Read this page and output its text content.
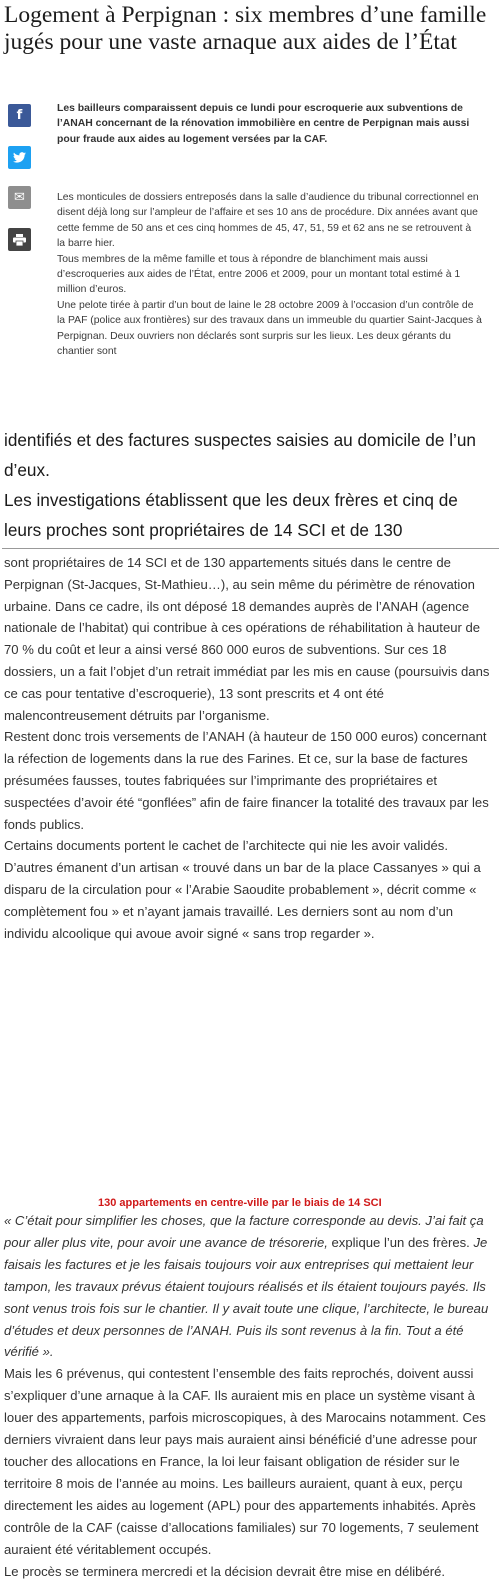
Logement à Perpignan : six membres d’une famille jugés pour une vaste arnaque aux aides de l’État
f
✉

Les bailleurs comparaissent depuis ce lundi pour escroquerie aux subventions de l’ANAH concernant de la rénovation immobilière en centre de Perpignan mais aussi pour fraude aux aides au logement versées par la CAF.

Les monticules de dossiers entreposés dans la salle d’audience du tribunal correctionnel en disent déjà long sur l’ampleur de l’affaire et ses 10 ans de procédure. Dix années avant que cette femme de 50 ans et ces cinq hommes de 45, 47, 51, 59 et 62 ans ne se retrouvent à la barre hier.

Tous membres de la même famille et tous à répondre de blanchiment mais aussi d’escroqueries aux aides de l’État, entre 2006 et 2009, pour un montant total estimé à 1 million d’euros.

Une pelote tirée à partir d’un bout de laine le 28 octobre 2009 à l’occasion d’un contrôle de la PAF (police aux frontières) sur des travaux dans un immeuble du quartier Saint-Jacques à Perpignan. Deux ouvriers non déclarés sont surpris sur les lieux. Les deux gérants du chantier sont

identifiés et des factures suspectes saisies au domicile de l’un d’eux.

Les investigations établissent que les deux frères et cinq de leurs proches sont propriétaires de 14 SCI et de 130

sont propriétaires de 14 SCI et de 130 appartements situés dans le centre de Perpignan (St-Jacques, St-Mathieu…), au sein même du périmètre de rénovation urbaine. Dans ce cadre, ils ont déposé 18 demandes auprès de l’ANAH (agence nationale de l’habitat) qui contribue à ces opérations de réhabilitation à hauteur de 70 % du coût et leur a ainsi versé 860 000 euros de subventions. Sur ces 18 dossiers, un a fait l’objet d’un retrait immédiat par les mis en cause (poursuivis dans ce cas pour tentative d’escroquerie), 13 sont prescrits et 4 ont été malencontreusement détruits par l’organisme.

Restent donc trois versements de l’ANAH (à hauteur de 150 000 euros) concernant la réfection de logements dans la rue des Farines. Et ce, sur la base de factures présumées fausses, toutes fabriquées sur l’imprimante des propriétaires et suspectées d’avoir été “gonflées” afin de faire financer la totalité des travaux par les fonds publics.

Certains documents portent le cachet de l’architecte qui nie les avoir validés. D’autres émanent d’un artisan « trouvé dans un bar de la place Cassanyes » qui a disparu de la circulation pour « l’Arabie Saoudite probablement », décrit comme « complètement fou » et n’ayant jamais travaillé. Les derniers sont au nom d’un individu alcoolique qui avoue avoir signé « sans trop regarder ».

130 appartements en centre-ville par le biais de 14 SCI

« C’était pour simplifier les choses, que la facture corresponde au devis. J’ai fait ça pour aller plus vite, pour avoir une avance de trésorerie, explique l’un des frères. Je faisais les factures et je les faisais toujours voir aux entreprises qui mettaient leur tampon, les travaux prévus étaient toujours réalisés et ils étaient toujours payés. Ils sont venus trois fois sur le chantier. Il y avait toute une clique, l’architecte, le bureau d’études et deux personnes de l’ANAH. Puis ils sont revenus à la fin. Tout a été vérifié ».

Mais les 6 prévenus, qui contestent l’ensemble des faits reprochés, doivent aussi s’expliquer d’une arnaque à la CAF. Ils auraient mis en place un système visant à louer des appartements, parfois microscopiques, à des Marocains notamment. Ces derniers vivraient dans leur pays mais auraient ainsi bénéficié d’une adresse pour toucher des allocations en France, la loi leur faisant obligation de résider sur le territoire 8 mois de l’année au moins. Les bailleurs auraient, quant à eux, perçu directement les aides au logement (APL) pour des appartements inhabités. Après contrôle de la CAF (caisse d’allocations familiales) sur 70 logements, 7 seulement auraient été véritablement occupés.

Le procès se terminera mercredi et la décision devrait être mise en délibéré.
